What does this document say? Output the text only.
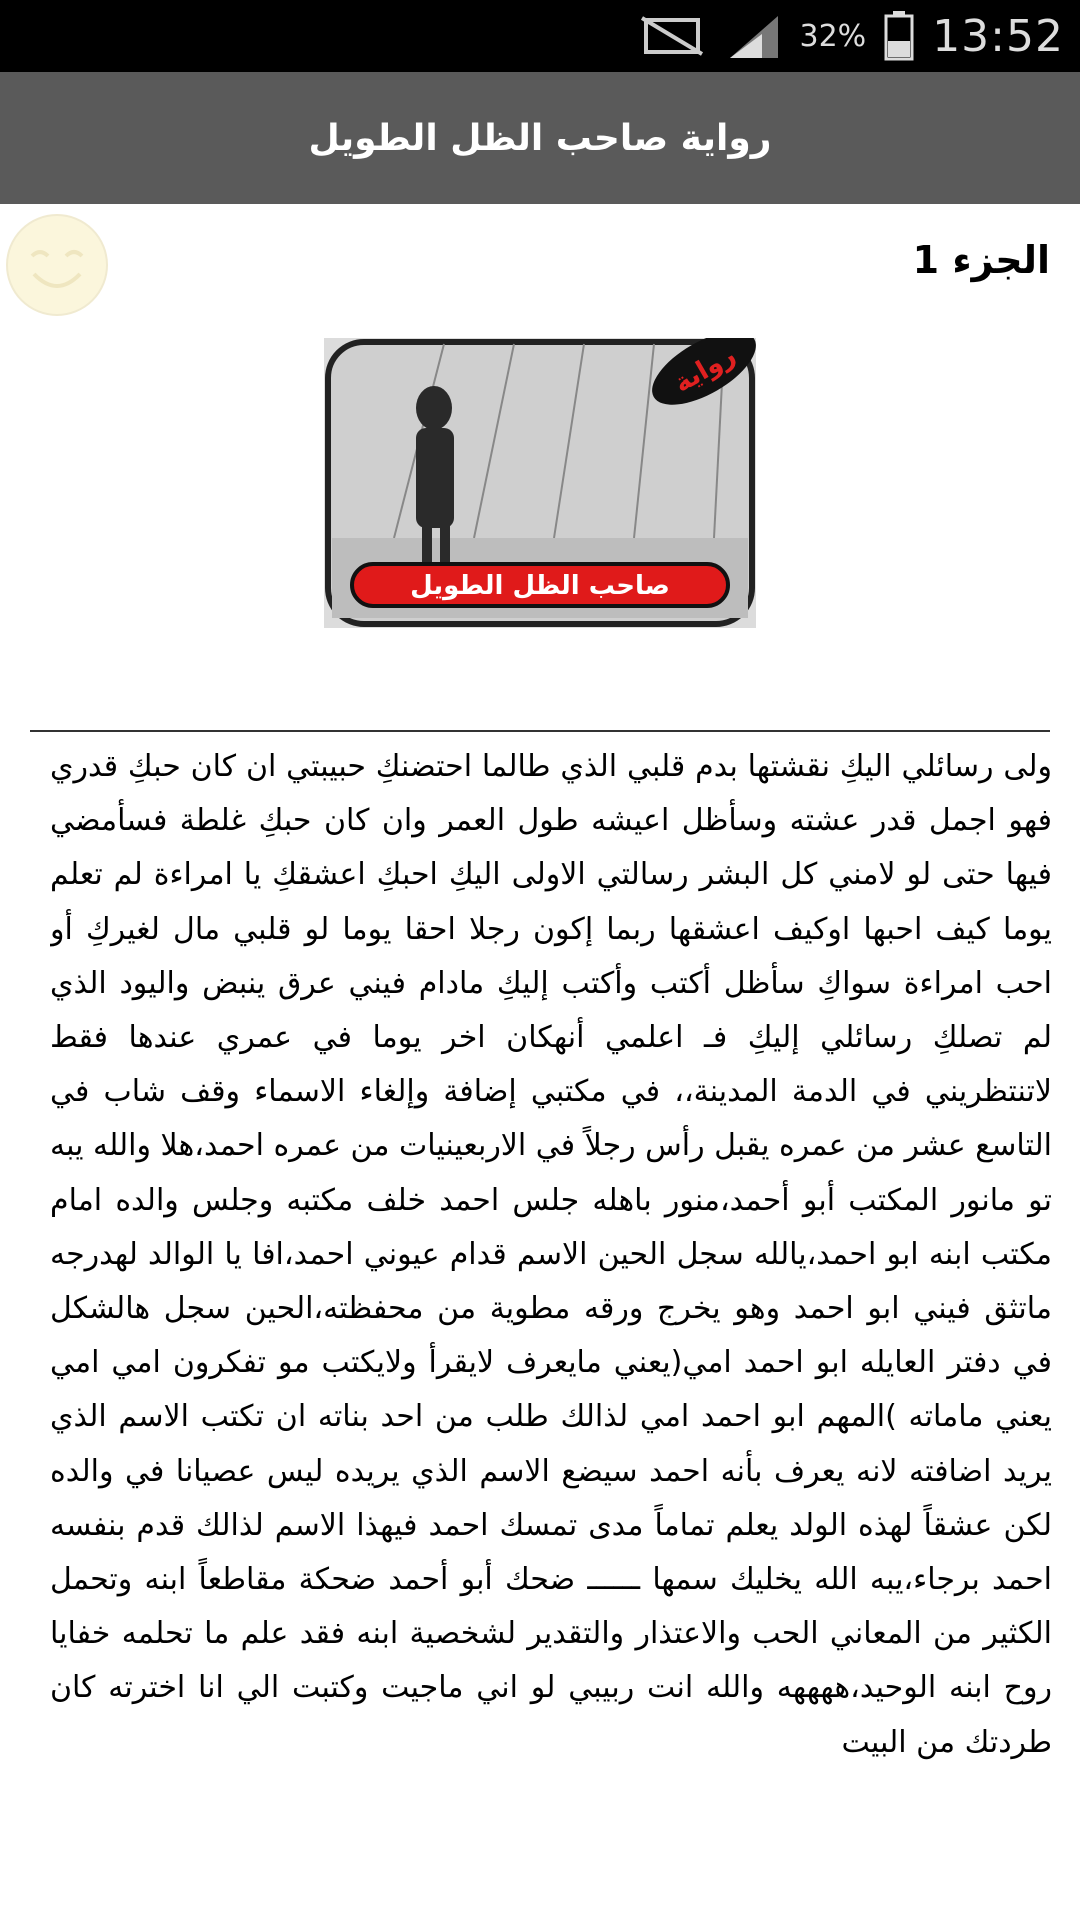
32% 13:52
رواية صاحب الظل الطويل
الجزء 1
رواية
صاحب الظل الطويل
ولى رسائلي اليكِ نقشتها بدم قلبي الذي طالما احتضنكِ حبيبتي ان كان حبكِ قدري فهو اجمل قدر عشته وسأظل اعيشه طول العمر وان كان حبكِ غلطة فسأمضي فيها حتى لو لامني كل البشر رسالتي الاولى اليكِ احبكِ اعشقكِ يا امراءة لم تعلم يوما كيف احبها اوكيف اعشقها ربما إكون رجلا احقا يوما لو قلبي مال لغيركِ أو احب امراءة سواكِ سأظل أكتب وأكتب إليكِ مادام فيني عرق ينبض واليود الذي لم تصلكِ رسائلي إليكِ فـ اعلمي أنهكان اخر يوما في عمري عندها فقط لاتنتظريني في الدمة المدينة،، في مكتبي إضافة وإلغاء الاسماء وقف شاب في التاسع عشر من عمره يقبل رأس رجلاً في الاربعينيات من عمره احمد،هلا والله يبه تو مانور المكتب أبو أحمد،منور باهله جلس احمد خلف مكتبه وجلس والده امام مكتب ابنه ابو احمد،يالله سجل الحين الاسم قدام عيوني احمد،افا يا الوالد لهدرجه ماتثق فيني ابو احمد وهو يخرج ورقه مطوية من محفظته،الحين سجل هالشكل في دفتر العايله ابو احمد امي(يعني مايعرف لايقرأ ولايكتب مو تفكرون امي امي يعني ماماته )المهم ابو احمد امي لذالك طلب من احد بناته ان تكتب الاسم الذي يريد اضافته لانه يعرف بأنه احمد سيضع الاسم الذي يريده ليس عصيانا في والده لكن عشقاً لهذه الولد يعلم تماماً مدى تمسك احمد فيهذا الاسم لذالك قدم بنفسه احمد برجاء،يبه الله يخليك سمها ــــــ ضحك أبو أحمد ضحكة مقاطعاً ابنه وتحمل الكثير من المعاني الحب والاعتذار والتقدير لشخصية ابنه فقد علم ما تحلمه خفايا روح ابنه الوحيد،ههههه والله انت ربيبي لو اني ماجيت وكتبت الي انا اخترته كان طردتك من البيت
